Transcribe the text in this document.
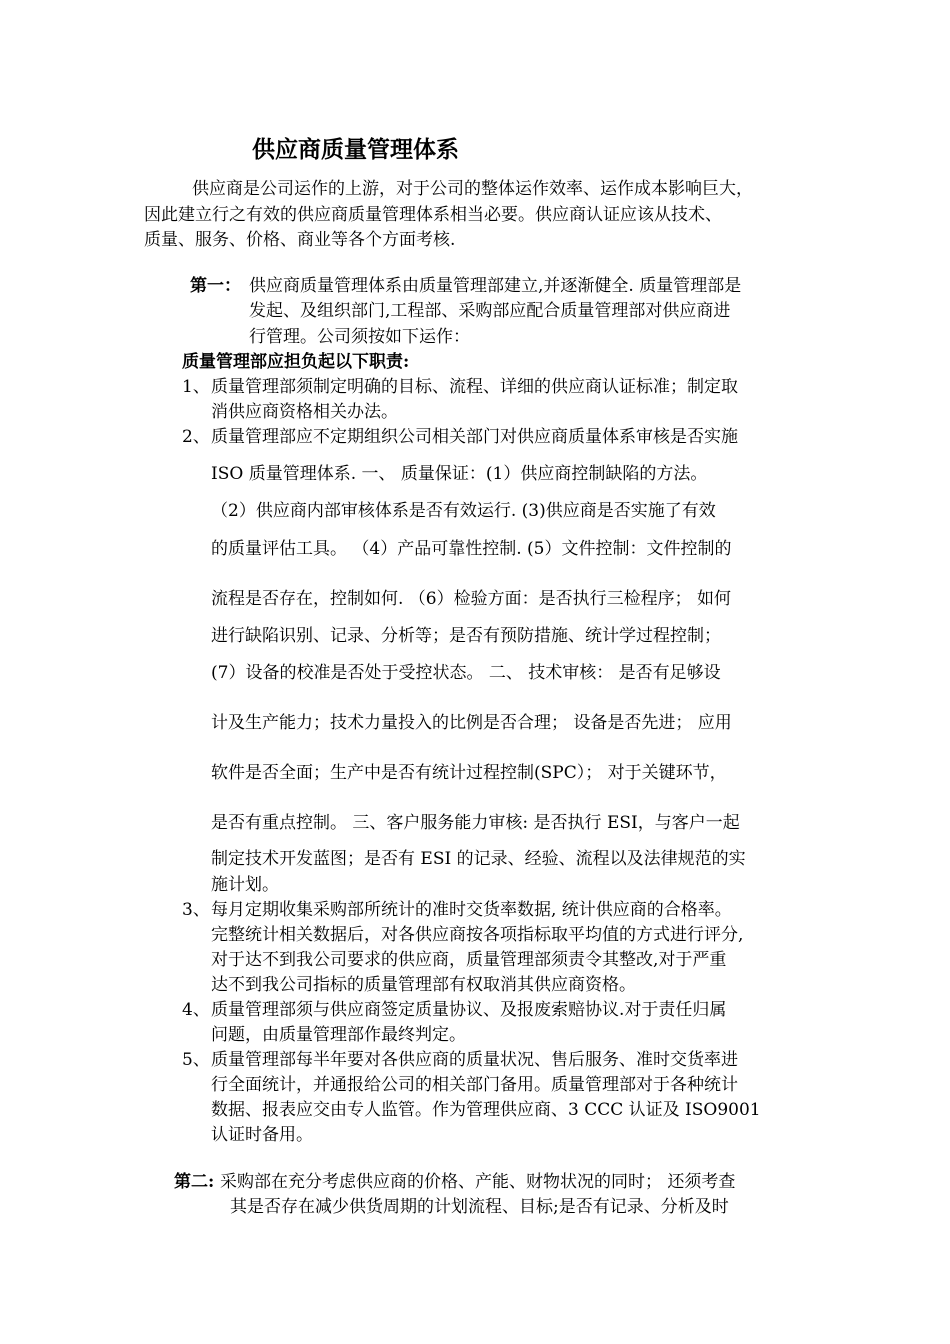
供应商质量管理体系
供应商是公司运作的上游，对于公司的整体运作效率、运作成本影响巨大，
因此建立行之有效的供应商质量管理体系相当必要。供应商认证应该从技术、
质量、服务、价格、商业等各个方面考核.
第一： 供应商质量管理体系由质量管理部建立,并逐渐健全. 质量管理部是
发起、及组织部门,工程部、采购部应配合质量管理部对供应商进
行管理。公司须按如下运作：
质量管理部应担负起以下职责:
1、 质量管理部须制定明确的目标、流程、详细的供应商认证标准；制定取
消供应商资格相关办法。
2、 质量管理部应不定期组织公司相关部门对供应商质量体系审核是否实施
ISO 质量管理体系. 一、 质量保证：(1）供应商控制缺陷的方法。
（2）供应商内部审核体系是否有效运行. (3)供应商是否实施了有效
的质量评估工具。 （4）产品可靠性控制. (5）文件控制：文件控制的
流程是否存在，控制如何. （6）检验方面：是否执行三检程序； 如何
进行缺陷识别、记录、分析等；是否有预防措施、统计学过程控制；
(7）设备的校准是否处于受控状态。 二、 技术审核： 是否有足够设
计及生产能力；技术力量投入的比例是否合理； 设备是否先进； 应用
软件是否全面；生产中是否有统计过程控制(SPC）； 对于关键环节，
是否有重点控制。 三、客户服务能力审核: 是否执行 ESI，与客户一起
制定技术开发蓝图；是否有 ESI 的记录、经验、流程以及法律规范的实
施计划。
3、 每月定期收集采购部所统计的准时交货率数据, 统计供应商的合格率。
完整统计相关数据后，对各供应商按各项指标取平均值的方式进行评分,
对于达不到我公司要求的供应商，质量管理部须责令其整改,对于严重
达不到我公司指标的质量管理部有权取消其供应商资格。
4、 质量管理部须与供应商签定质量协议、及报废索赔协议.对于责任归属
问题，由质量管理部作最终判定。
5、 质量管理部每半年要对各供应商的质量状况、售后服务、准时交货率进
行全面统计，并通报给公司的相关部门备用。质量管理部对于各种统计
数据、报表应交由专人监管。作为管理供应商、3 CCC 认证及 ISO9001
认证时备用。
第二: 采购部在充分考虑供应商的价格、产能、财物状况的同时； 还须考查
其是否存在减少供货周期的计划流程、目标;是否有记录、分析及时
